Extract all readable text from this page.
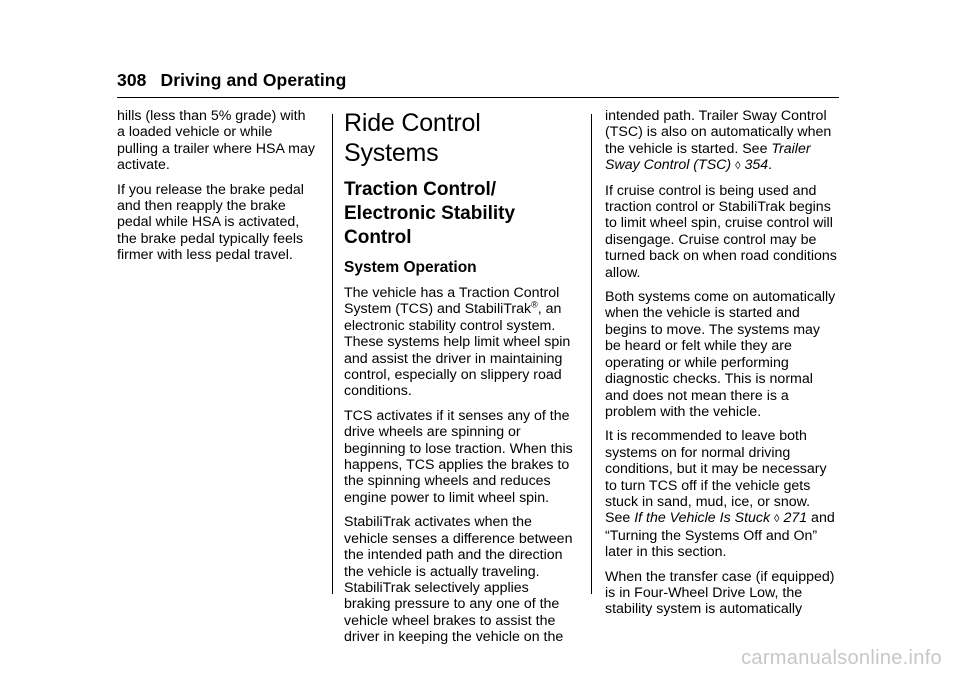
308 Driving and Operating

hills (less than 5% grade) with a loaded vehicle or while pulling a trailer where HSA may activate.

If you release the brake pedal and then reapply the brake pedal while HSA is activated, the brake pedal typically feels firmer with less pedal travel.

Ride Control Systems
Traction Control/ Electronic Stability Control
System Operation

The vehicle has a Traction Control System (TCS) and StabiliTrak®, an electronic stability control system. These systems help limit wheel spin and assist the driver in maintaining control, especially on slippery road conditions.

TCS activates if it senses any of the drive wheels are spinning or beginning to lose traction. When this happens, TCS applies the brakes to the spinning wheels and reduces engine power to limit wheel spin.

StabiliTrak activates when the vehicle senses a difference between the intended path and the direction the vehicle is actually traveling. StabiliTrak selectively applies braking pressure to any one of the vehicle wheel brakes to assist the driver in keeping the vehicle on the

intended path. Trailer Sway Control (TSC) is also on automatically when the vehicle is started. See Trailer Sway Control (TSC) ◊ 354.

If cruise control is being used and traction control or StabiliTrak begins to limit wheel spin, cruise control will disengage. Cruise control may be turned back on when road conditions allow.

Both systems come on automatically when the vehicle is started and begins to move. The systems may be heard or felt while they are operating or while performing diagnostic checks. This is normal and does not mean there is a problem with the vehicle.

It is recommended to leave both systems on for normal driving conditions, but it may be necessary to turn TCS off if the vehicle gets stuck in sand, mud, ice, or snow. See If the Vehicle Is Stuck ◊ 271 and “Turning the Systems Off and On” later in this section.

When the transfer case (if equipped) is in Four-Wheel Drive Low, the stability system is automatically

carmanualsonline.info
